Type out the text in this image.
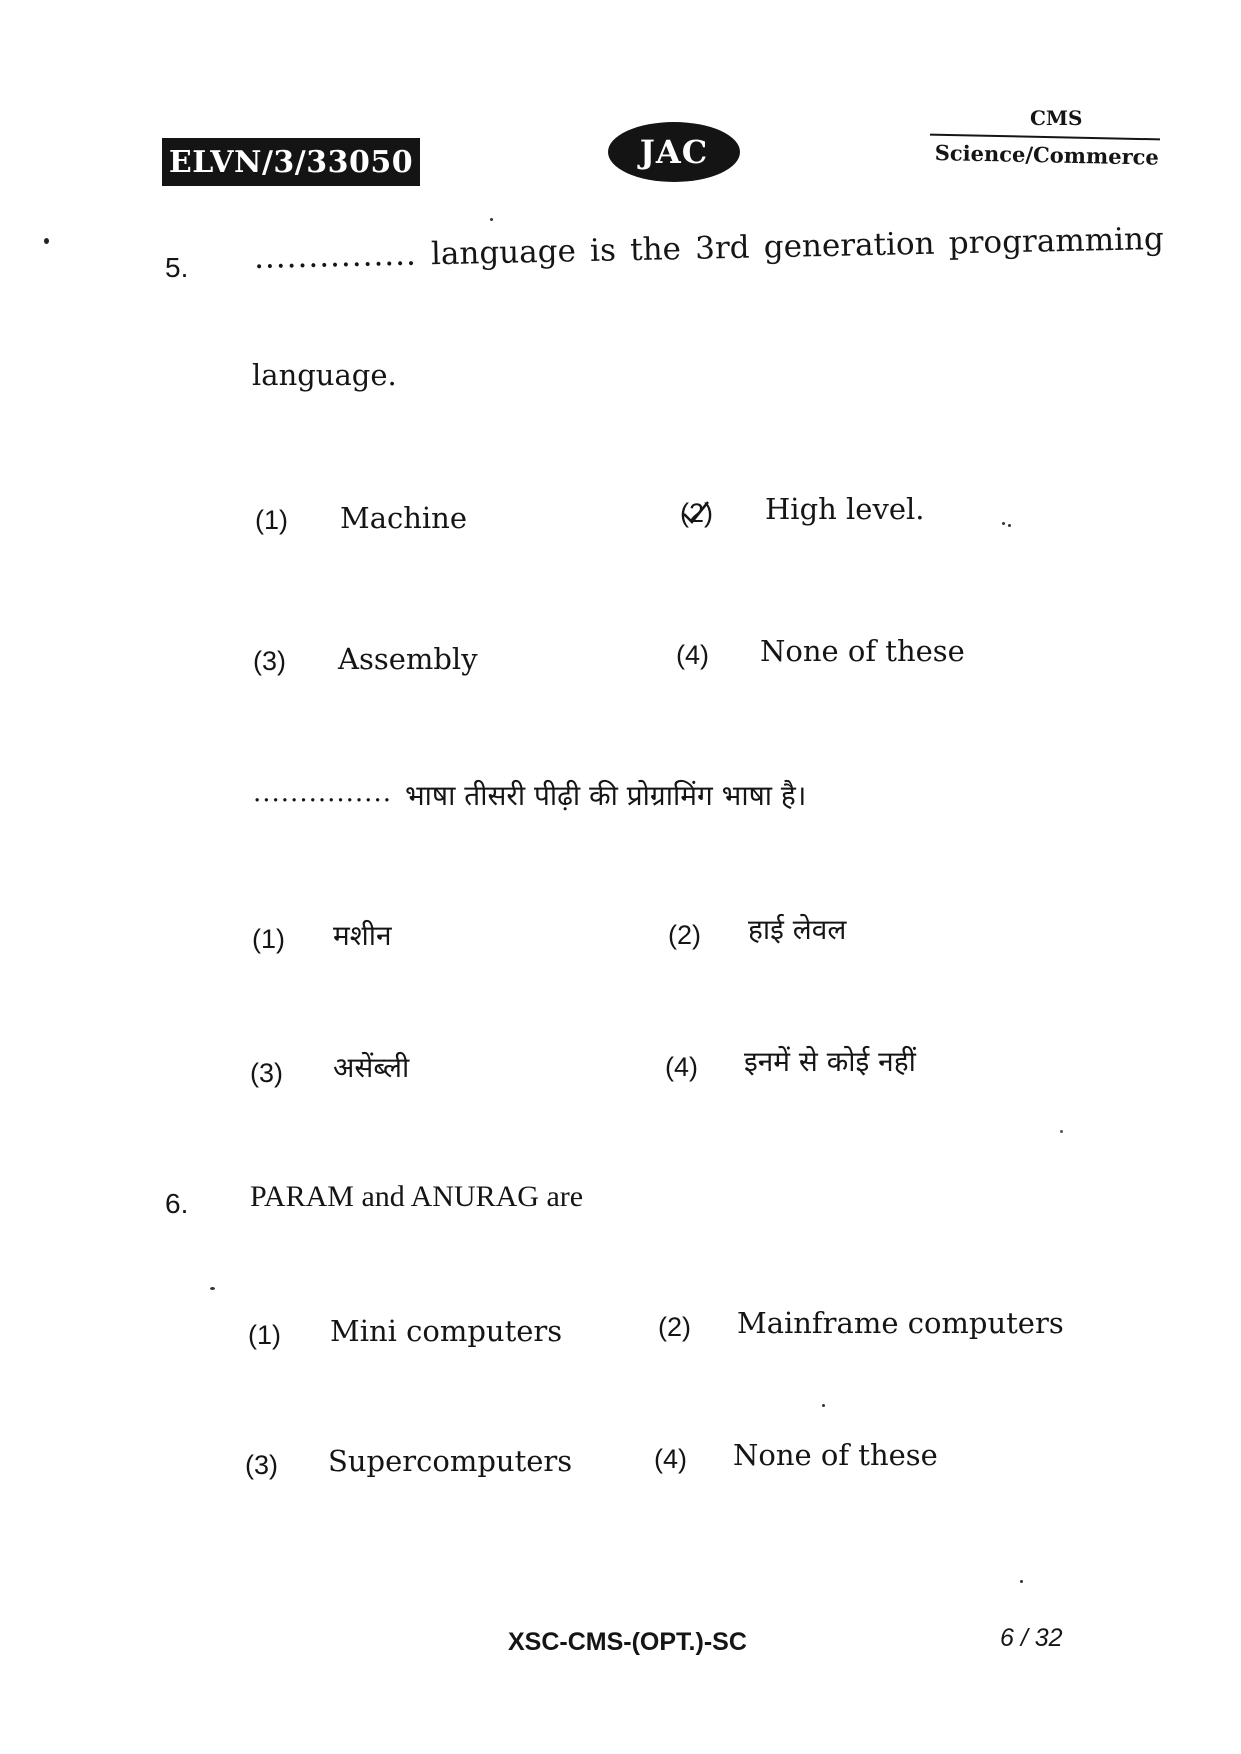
ELVN/3/33050	JAC
CMS
Science/Commerce
5. ............... language is the 3rd generation programming
language.
(1) Machine	(2) High level.
(3) Assembly	(4) None of these
............... भाषा तीसरी पीढ़ी की प्रोग्रामिंग भाषा है।
(1) मशीन	(2) हाई लेवल
(3) असेंब्ली	(4) इनमें से कोई नहीं
6. PARAM and ANURAG are
(1) Mini computers	(2) Mainframe computers
(3) Supercomputers	(4) None of these
XSC-CMS-(OPT.)-SC	6 / 32
